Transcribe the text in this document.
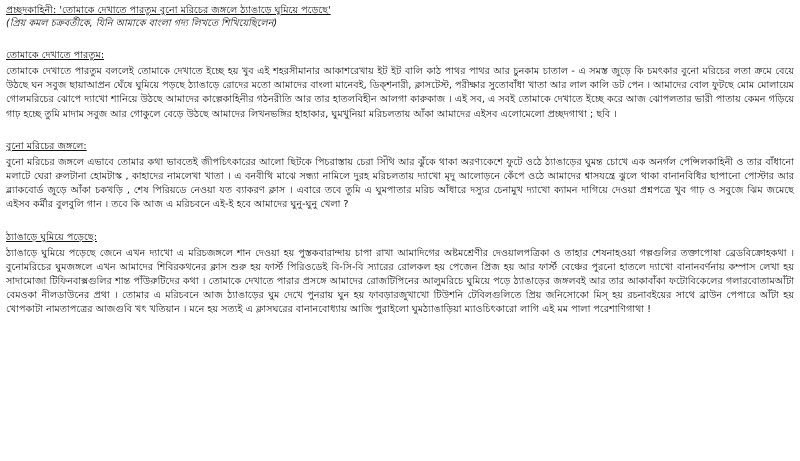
প্রচ্ছদকাহিনী: 'তোমাকে দেখাতে পারতুম বুনো মরিচের জঙ্গলে ঠ্যাঙাড়ে ঘুমিয়ে পড়েছে'

(প্রিয় কমল চক্রবর্তীকে, যিনি আমাকে বাংলা গদ্য লিখতে শিখিয়েছিলেন)

তোমাকে দেখাতে পারতুম:

তোমাকে দেখাতে পারতুম বললেই তোমাকে দেখাতে ইচ্ছে হয় খুব এই শহরসীমানার আকাশরেখায় ইট ইট বালি কাঠ পাথর পাথর আর চুনকাম চাতাল - এ সমস্ত জুড়ে কি চমৎকার বুনো মরিচের লতা ক্রমে বেয়ে উঠছে ঘন সবুজ ছায়াআপ্রন ঘেঁষে ঘুমিয়ে পড়ছে ঠ্যাঙাড়ে রোদের মতো আমাদের বাংলা মানেবই, ডিক্শনারী, ক্লাসটেস্ট, পরীক্ষার সুতোবাঁধা খাতা আর লাল কালি ডট পেন । আমাদের বোল ফুটছে মোম মোলায়েম গোলমরিচের ঝোপে দ্যাখো শানিয়ে উঠছে আমাদের কাল্পেকাহিনীর গঠনরীতি আর তার হাতলবিহীন আলগা কারুকাজ । এই সব, এ সবই তোমাকে দেখাতে ইচ্ছে করে আজ ঝোপলতার ভারী পাতায় কেমন গড়িয়ে গাঢ় হচ্ছে তুমি মাদাম সবুজ আর গোকুলে বেড়ে উঠছে আমাদের লিখনভঙ্গির হাহাকার, ঘুমখুনিয়া মরিচলতায় আঁকা আমাদের এইসব এলোমেলো প্রচ্ছদগাথা ; ছবি ।

বুনো মরিচের জঙ্গলে:

বুনো মরিচের জঙ্গলে এভাবে তোমার কথা ভাবতেই জীপচিৎকারের আলো ছিটকে পিচরাস্তায় চেরা সিঁথি আর ঝুঁকে থাকা অরণ্যকেশে ফুটে ওঠে ঠ্যাঙাড়ের ঘুমন্ত চোখে এক অনর্গল পেন্সিলকাহিনী ও তার বাঁধানো মলাটে ঘেরা রুলটানা হোমটাস্ক , কাহাদের নামলেখা খাতা । এ বনবীথি মাঝে সন্ধ্যা নামিলে দুরহ মরিচলতায় দ্যাখো মৃদু আলোড়নে কেঁপে ওঠে আমাদের শ্বাসযন্ত্রে ঝুলে থাকা বানানবিধির ছাপানো পোস্টার আর ব্ল্যাকবোর্ড জুড়ে আঁকা চকখড়ি , শেষ পিরিয়ডে নেওয়া যত ব্যাকরণ ক্লাস । এবারে তবে তুমি এ ঘুমপাতার মরিচ আঁধারে দস্যুর চেনামুখ দ্যাখো ক্যামন দাগিয়ে দেওয়া প্রশ্নপত্রে খুব গাঢ় ও সবুজে ঝিম জমেছে এইসব কর্মীর বুলবুলি গান । তবে কি আজ এ মরিচবনে এই-ই হবে আমাদের ঘুনু-ঘুনু খেলা ?

ঠ্যাঙাড়ে ঘুমিয়ে পড়েছে:

ঠ্যাঙাড়ে ঘুমিয়ে পড়েছে জেনে এখন দ্যাখো এ মরিচজঙ্গলে শান দেওয়া হয় পুস্তকবারান্দায় চাপা রাখা আমাদিগের অষ্টমশ্রেণীর দেওয়ালপত্রিকা ও তাহার শেষনাহওয়া গল্পগুলির তক্তাপোষা ব্রেডবিক্রোহকথা । বুনোমরিচের ঘুমজঙ্গলে এখন আমাদের শিবিরকথনের ক্লাস শুরু হয় ফার্স্ট পিরিওডেই বি-সি-বি স্যারের রোলকল হয় পেজেন প্রিজ হয় আর ফার্স্ট বেঞ্চের পুরনো হাতলে দ্যাখো বানানবর্ণনায় কম্পাস লেখা হয় সাদামোজা টিফিনবাক্সগুলির শান্ত পাঁউরুটিদের কথা । তোমাকে দেখাতে পারার প্রসঙ্গে আমাদের রোজটিপিনের আলুমরিচে ঘুমিয়ে পড়ে ঠ্যাঙাড়ের জঙ্গলবই আর তার আকাবাঁকা ফটোবিকেলের গলারবোতামআঁটা বেমওকা নীলডাউনের প্রথা । তোমার এ মরিচবনে আজ ঠ্যাঙাড়ের ঘুম দেখে পুনরায় ঘুন হয় ফাবড়ারজুখাখো টিউশনি টেবিলগুলিতে প্রিয় জনিসোকো মিস্ হয় রচনাবইয়ের সাথে ব্রাউন পেপারে আঁটা হয় খোপকাটা নামতাপত্রের আজগুবি খৎ খতিয়ান । মনে হয় সত্যই এ ক্লাসঘরের বানানবোধ্যায় আজি পুরাইলো ঘুমঠ্যাঙাড়িয়া ম্যাওচিৎকারো লাগি এই মম পালা পরেশাণিগাথা !
